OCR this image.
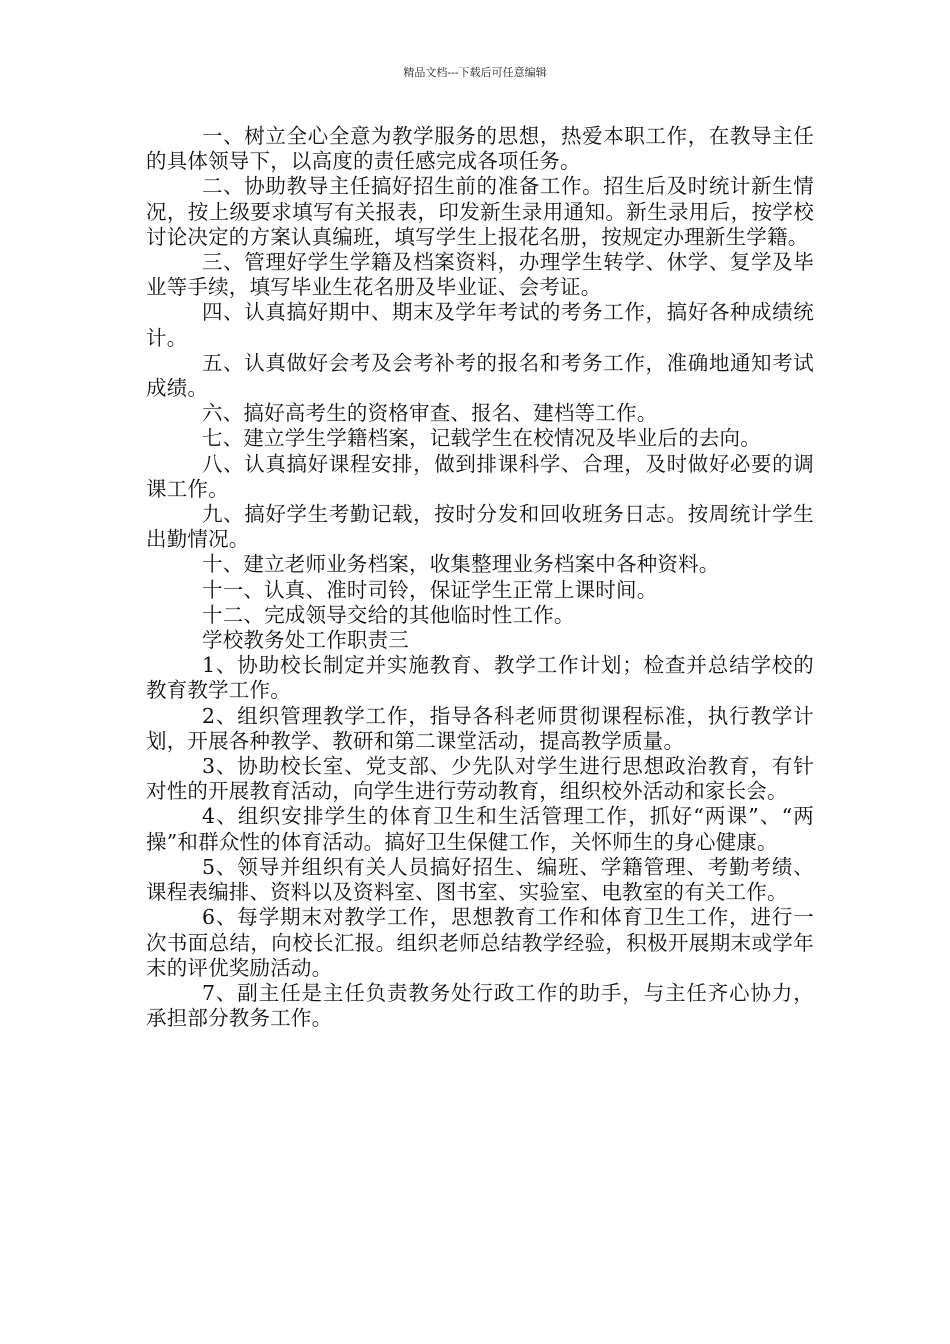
精品文档---下载后可任意编辑

一、树立全心全意为教学服务的思想，热爱本职工作，在教导主任的具体领导下，以高度的责任感完成各项任务。

二、协助教导主任搞好招生前的准备工作。招生后及时统计新生情况，按上级要求填写有关报表，印发新生录用通知。新生录用后，按学校讨论决定的方案认真编班，填写学生上报花名册，按规定办理新生学籍。

三、管理好学生学籍及档案资料，办理学生转学、休学、复学及毕业等手续，填写毕业生花名册及毕业证、会考证。

四、认真搞好期中、期末及学年考试的考务工作，搞好各种成绩统计。

五、认真做好会考及会考补考的报名和考务工作，准确地通知考试成绩。

六、搞好高考生的资格审查、报名、建档等工作。

七、建立学生学籍档案，记载学生在校情况及毕业后的去向。

八、认真搞好课程安排，做到排课科学、合理，及时做好必要的调课工作。

九、搞好学生考勤记载，按时分发和回收班务日志。按周统计学生出勤情况。

十、建立老师业务档案，收集整理业务档案中各种资料。

十一、认真、准时司铃，保证学生正常上课时间。

十二、完成领导交给的其他临时性工作。

学校教务处工作职责三

1、协助校长制定并实施教育、教学工作计划；检查并总结学校的教育教学工作。

2、组织管理教学工作，指导各科老师贯彻课程标准，执行教学计划，开展各种教学、教研和第二课堂活动，提高教学质量。

3、协助校长室、党支部、少先队对学生进行思想政治教育，有针对性的开展教育活动，向学生进行劳动教育，组织校外活动和家长会。

4、组织安排学生的体育卫生和生活管理工作，抓好“两课”、“两操”和群众性的体育活动。搞好卫生保健工作，关怀师生的身心健康。

5、领导并组织有关人员搞好招生、编班、学籍管理、考勤考绩、课程表编排、资料以及资料室、图书室、实验室、电教室的有关工作。

6、每学期末对教学工作，思想教育工作和体育卫生工作，进行一次书面总结，向校长汇报。组织老师总结教学经验，积极开展期末或学年末的评优奖励活动。

7、副主任是主任负责教务处行政工作的助手，与主任齐心协力，承担部分教务工作。
